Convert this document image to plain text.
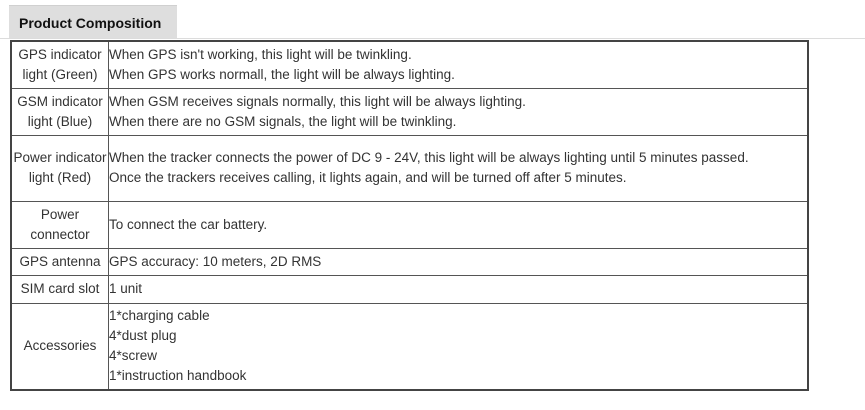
Product Composition
GPS indicator light (Green)	When GPS isn't working, this light will be twinkling.
When GPS works normall, the light will be always lighting.

GSM indicator light (Blue)	When GSM receives signals normally, this light will be always lighting.
When there are no GSM signals, the light will be twinkling.

Power indicator light (Red)	When the tracker connects the power of DC 9 - 24V, this light will be always lighting until 5 minutes passed.
Once the trackers receives calling, it lights again, and will be turned off after 5 minutes.

Power connector	To connect the car battery.

GPS antenna	GPS accuracy: 10 meters, 2D RMS

SIM card slot	1 unit

Accessories	1*charging cable
4*dust plug
4*screw
1*instruction handbook
